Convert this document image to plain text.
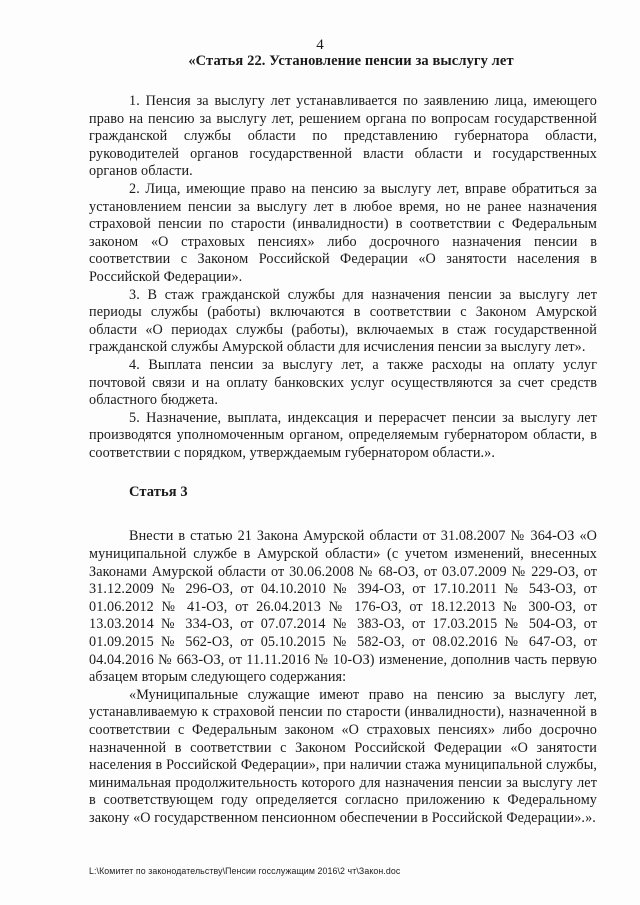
4

«Статья 22. Установление пенсии за выслугу лет

1. Пенсия за выслугу лет устанавливается по заявлению лица, имеющего право на пенсию за выслугу лет, решением органа по вопросам государственной гражданской службы области по представлению губернатора области, руководителей органов государственной власти области и государственных органов области.

2. Лица, имеющие право на пенсию за выслугу лет, вправе обратиться за установлением пенсии за выслугу лет в любое время, но не ранее назначения страховой пенсии по старости (инвалидности) в соответствии с Федеральным законом «О страховых пенсиях» либо досрочного назначения пенсии в соответствии с Законом Российской Федерации «О занятости населения в Российской Федерации».

3. В стаж гражданской службы для назначения пенсии за выслугу лет периоды службы (работы) включаются в соответствии с Законом Амурской области «О периодах службы (работы), включаемых в стаж государственной гражданской службы Амурской области для исчисления пенсии за выслугу лет».

4. Выплата пенсии за выслугу лет, а также расходы на оплату услуг почтовой связи и на оплату банковских услуг осуществляются за счет средств областного бюджета.

5. Назначение, выплата, индексация и перерасчет пенсии за выслугу лет производятся уполномоченным органом, определяемым губернатором области, в соответствии с порядком, утверждаемым губернатором области.».

Статья 3

Внести в статью 21 Закона Амурской области от 31.08.2007 № 364-ОЗ «О муниципальной службе в Амурской области» (с учетом изменений, внесенных Законами Амурской области от 30.06.2008 № 68-ОЗ, от 03.07.2009 № 229-ОЗ, от 31.12.2009 № 296-ОЗ, от 04.10.2010 № 394-ОЗ, от 17.10.2011 № 543-ОЗ, от 01.06.2012 № 41-ОЗ, от 26.04.2013 № 176-ОЗ, от 18.12.2013 № 300-ОЗ, от 13.03.2014 № 334-ОЗ, от 07.07.2014 № 383-ОЗ, от 17.03.2015 № 504-ОЗ, от 01.09.2015 № 562-ОЗ, от 05.10.2015 № 582-ОЗ, от 08.02.2016 № 647-ОЗ, от 04.04.2016 № 663-ОЗ, от 11.11.2016 № 10-ОЗ) изменение, дополнив часть первую абзацем вторым следующего содержания:

«Муниципальные служащие имеют право на пенсию за выслугу лет, устанавливаемую к страховой пенсии по старости (инвалидности), назначенной в соответствии с Федеральным законом «О страховых пенсиях» либо досрочно назначенной в соответствии с Законом Российской Федерации «О занятости населения в Российской Федерации», при наличии стажа муниципальной службы, минимальная продолжительность которого для назначения пенсии за выслугу лет в соответствующем году определяется согласно приложению к Федеральному закону «О государственном пенсионном обеспечении в Российской Федерации».».

L:\Комитет по законодательству\Пенсии госслужащим 2016\2 чт\Закон.doc
